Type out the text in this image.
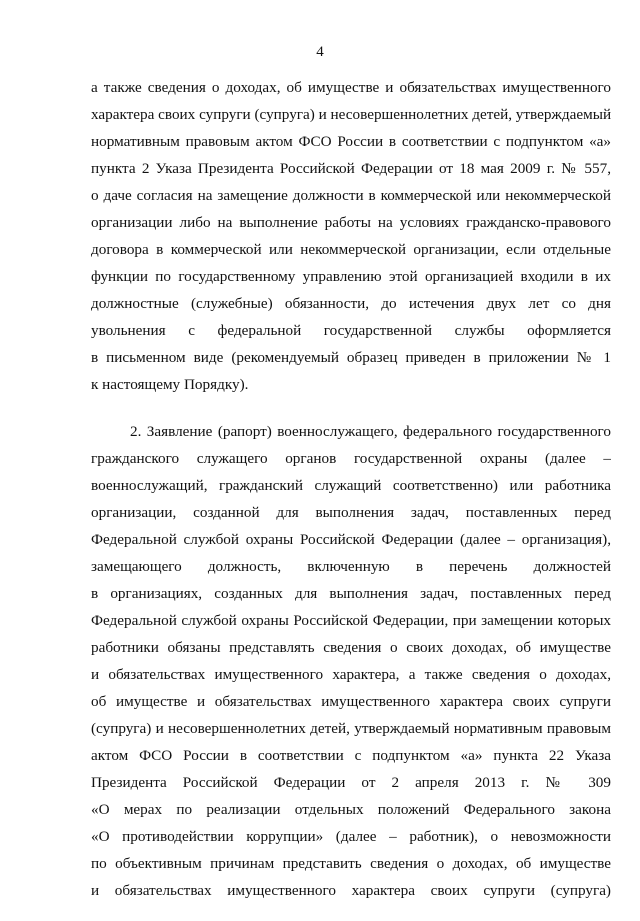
4
а также сведения о доходах, об имуществе и обязательствах имущественного
характера своих супруги (супруга) и несовершеннолетних детей, утверждаемый
нормативным правовым актом ФСО России в соответствии с подпунктом «а»
пункта 2 Указа Президента Российской Федерации от 18 мая 2009 г. № 557,
о даче согласия на замещение должности в коммерческой или некоммерческой
организации либо на выполнение работы на условиях гражданско-правового
договора в коммерческой или некоммерческой организации, если отдельные
функции по государственному управлению этой организацией входили в их
должностные (служебные) обязанности, до истечения двух лет со дня
увольнения с федеральной государственной службы оформляется
в письменном виде (рекомендуемый образец приведен в приложении № 1
к настоящему Порядку).
2. Заявление (рапорт) военнослужащего, федерального государственного
гражданского служащего органов государственной охраны (далее –
военнослужащий, гражданский служащий соответственно) или работника
организации, созданной для выполнения задач, поставленных перед
Федеральной службой охраны Российской Федерации (далее – организация),
замещающего должность, включенную в перечень должностей
в организациях, созданных для выполнения задач, поставленных перед
Федеральной службой охраны Российской Федерации, при замещении которых
работники обязаны представлять сведения о своих доходах, об имуществе
и обязательствах имущественного характера, а также сведения о доходах,
об имуществе и обязательствах имущественного характера своих супруги
(супруга) и несовершеннолетних детей, утверждаемый нормативным правовым
актом ФСО России в соответствии с подпунктом «а» пункта 22 Указа
Президента Российской Федерации от 2 апреля 2013 г. № 309
«О мерах по реализации отдельных положений Федерального закона
«О противодействии коррупции» (далее – работник), о невозможности
по объективным причинам представить сведения о доходах, об имуществе
и обязательствах имущественного характера своих супруги (супруга)
